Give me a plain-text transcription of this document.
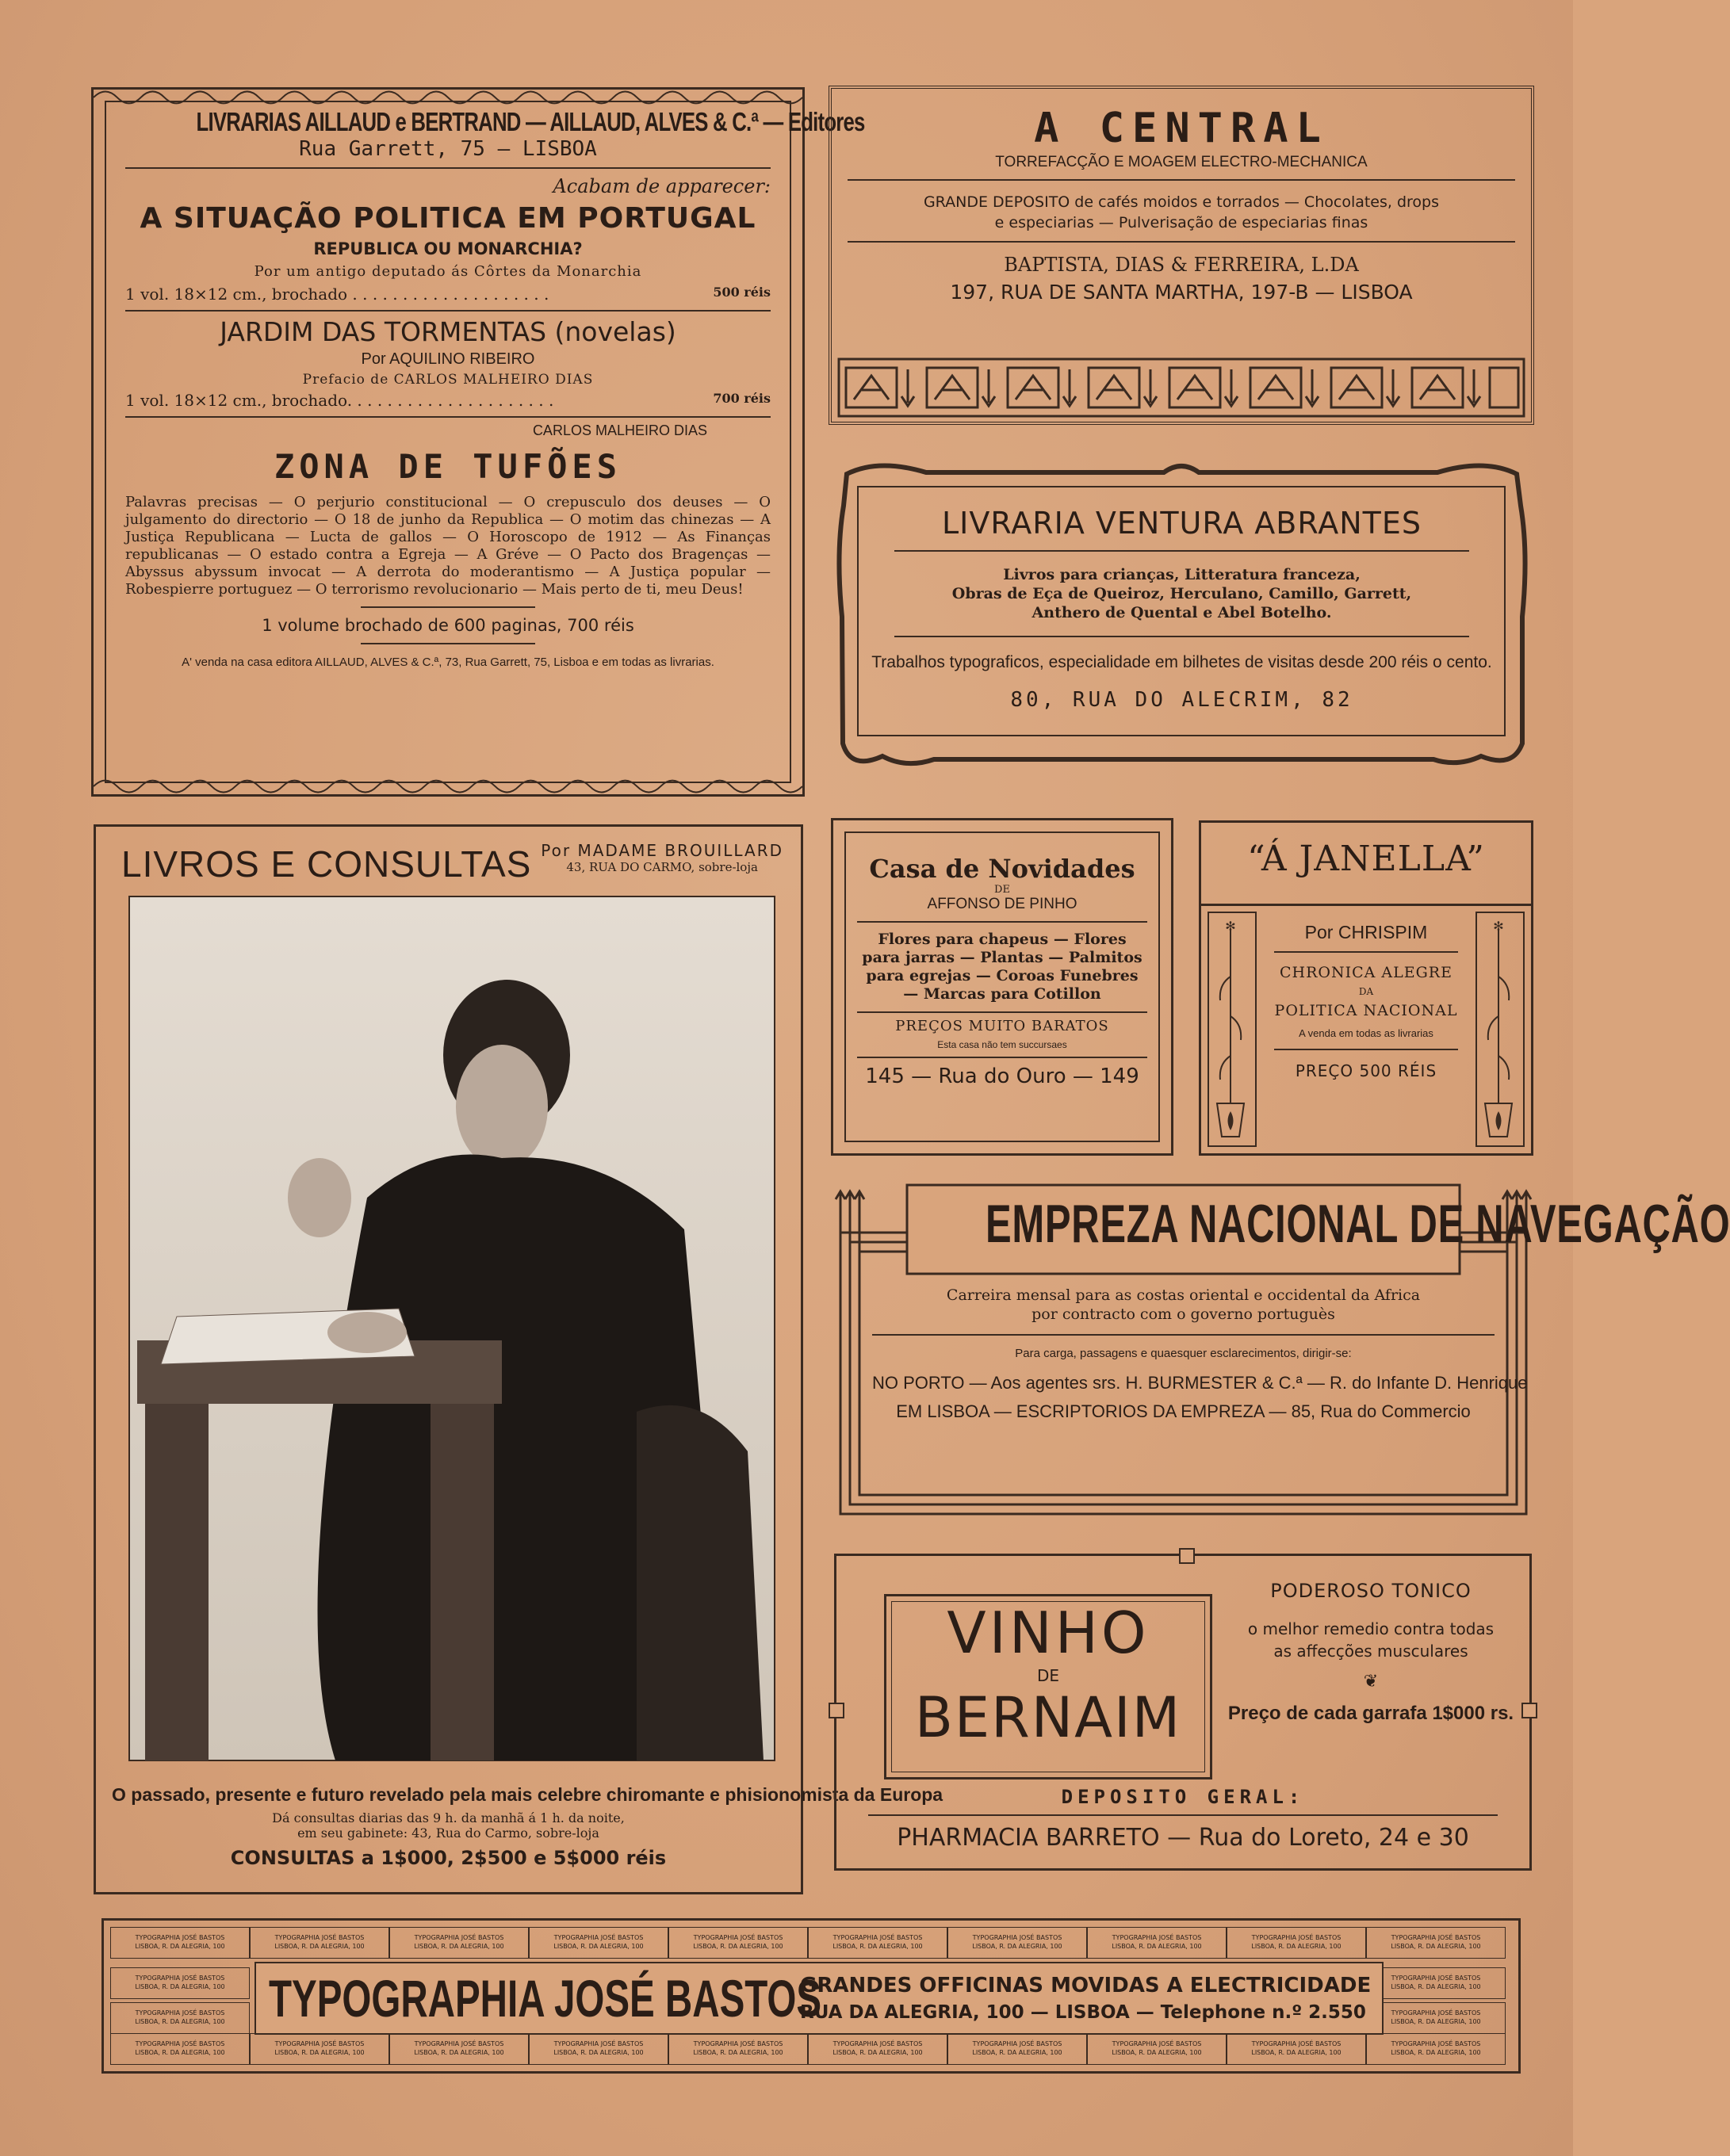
LIVRARIAS AILLAUD e BERTRAND — AILLAUD, ALVES & C.ª — Editores
Rua Garrett, 75 — LISBOA
Acabam de apparecer:
A SITUAÇÃO POLITICA EM PORTUGAL
REPUBLICA OU MONARCHIA?
Por um antigo deputado ás Côrtes da Monarchia
1 vol. 18×12 cm., brochado . . . . . . . . . . . . . . . . . . . .	500 réis
JARDIM DAS TORMENTAS (novelas)
Por AQUILINO RIBEIRO
Prefacio de CARLOS MALHEIRO DIAS
1 vol. 18×12 cm., brochado. . . . . . . . . . . . . . . . . . . . .	700 réis
CARLOS MALHEIRO DIAS
ZONA DE TUFÕES
Palavras precisas — O perjurio constitucional — O crepusculo dos deuses — O julgamento do directorio — O 18 de junho da Republica — O motim das chinezas — A Justiça Republicana — Lucta de gallos — O Horoscopo de 1912 — As Finanças republicanas — O estado contra a Egreja — A Gréve — O Pacto dos Bragenças — Abyssus abyssum invocat — A derrota do moderantismo — A Justiça popular — Robespierre portuguez — O terrorismo revolucionario — Mais perto de ti, meu Deus!
1 volume brochado de 600 paginas, 700 réis
A' venda na casa editora AILLAUD, ALVES & C.ª, 73, Rua Garrett, 75, Lisboa e em todas as livrarias.
A CENTRAL
TORREFACÇÃO E MOAGEM ELECTRO-MECHANICA
GRANDE DEPOSITO de cafés moidos e torrados — Chocolates, drops
e especiarias — Pulverisação de especiarias finas
BAPTISTA, DIAS & FERREIRA, L.DA
197, RUA DE SANTA MARTHA, 197-B — LISBOA
LIVRARIA VENTURA ABRANTES
Livros para crianças, Litteratura franceza,
Obras de Eça de Queiroz, Herculano, Camillo, Garrett,
Anthero de Quental e Abel Botelho.
Trabalhos typograficos, especialidade em bilhetes de visitas desde 200 réis o cento.
80, RUA DO ALECRIM, 82
LIVROS E CONSULTAS Por MADAME BROUILLARD
43, RUA DO CARMO, sobre-loja
O passado, presente e futuro revelado pela mais celebre chiromante e phisionomista da Europa
Dá consultas diarias das 9 h. da manhã á 1 h. da noite,
em seu gabinete: 43, Rua do Carmo, sobre-loja
CONSULTAS a 1$000, 2$500 e 5$000 réis
Casa de Novidades
DE
AFFONSO DE PINHO
Flores para chapeus — Flores para jarras — Plantas — Palmitos para egrejas — Coroas Funebres — Marcas para Cotillon
PREÇOS MUITO BARATOS
Esta casa não tem succursaes
145 — Rua do Ouro — 149
“Á JANELLA”
✻	✻
Por CHRISPIM
CHRONICA ALEGRE
DA
POLITICA NACIONAL
A venda em todas as livrarias
PREÇO 500 RÉIS
EMPREZA NACIONAL DE NAVEGAÇÃO
Carreira mensal para as costas oriental e occidental da Africa
por contracto com o governo portuguès
Para carga, passagens e quaesquer esclarecimentos, dirigir-se:
NO PORTO — Aos agentes srs. H. BURMESTER & C.ª — R. do Infante D. Henrique
EM LISBOA — ESCRIPTORIOS DA EMPREZA — 85, Rua do Commercio
VINHO
DE
BERNAIM
PODEROSO TONICO
o melhor remedio contra todas
as affecções musculares
❦
Preço de cada garrafa 1$000 rs.
DEPOSITO GERAL:
PHARMACIA BARRETO — Rua do Loreto, 24 e 30
TYPOGRAPHIA JOSÉ BASTOS
LISBOA, R. DA ALEGRIA, 100
TYPOGRAPHIA JOSÉ BASTOS
LISBOA, R. DA ALEGRIA, 100
TYPOGRAPHIA JOSÉ BASTOS
LISBOA, R. DA ALEGRIA, 100
TYPOGRAPHIA JOSÉ BASTOS
LISBOA, R. DA ALEGRIA, 100
TYPOGRAPHIA JOSÉ BASTOS
LISBOA, R. DA ALEGRIA, 100
TYPOGRAPHIA JOSÉ BASTOS
LISBOA, R. DA ALEGRIA, 100
TYPOGRAPHIA JOSÉ BASTOS
LISBOA, R. DA ALEGRIA, 100
TYPOGRAPHIA JOSÉ BASTOS
LISBOA, R. DA ALEGRIA, 100
TYPOGRAPHIA JOSÉ BASTOS
LISBOA, R. DA ALEGRIA, 100
TYPOGRAPHIA JOSÉ BASTOS
LISBOA, R. DA ALEGRIA, 100
TYPOGRAPHIA JOSÉ BASTOS
LISBOA, R. DA ALEGRIA, 100
TYPOGRAPHIA JOSÉ BASTOS
LISBOA, R. DA ALEGRIA, 100
TYPOGRAPHIA JOSÉ BASTOS
LISBOA, R. DA ALEGRIA, 100
TYPOGRAPHIA JOSÉ BASTOS
LISBOA, R. DA ALEGRIA, 100
TYPOGRAPHIA JOSÉ BASTOS
LISBOA, R. DA ALEGRIA, 100
TYPOGRAPHIA JOSÉ BASTOS
LISBOA, R. DA ALEGRIA, 100
TYPOGRAPHIA JOSÉ BASTOS
LISBOA, R. DA ALEGRIA, 100
TYPOGRAPHIA JOSÉ BASTOS
LISBOA, R. DA ALEGRIA, 100
TYPOGRAPHIA JOSÉ BASTOS
LISBOA, R. DA ALEGRIA, 100
TYPOGRAPHIA JOSÉ BASTOS
LISBOA, R. DA ALEGRIA, 100
TYPOGRAPHIA JOSÉ BASTOS
LISBOA, R. DA ALEGRIA, 100
TYPOGRAPHIA JOSÉ BASTOS
LISBOA, R. DA ALEGRIA, 100
TYPOGRAPHIA JOSÉ BASTOS
LISBOA, R. DA ALEGRIA, 100
TYPOGRAPHIA JOSÉ BASTOS
LISBOA, R. DA ALEGRIA, 100
TYPOGRAPHIA JOSÉ BASTOS
GRANDES OFFICINAS MOVIDAS A ELECTRICIDADE
RUA DA ALEGRIA, 100 — LISBOA — Telephone n.º 2.550
